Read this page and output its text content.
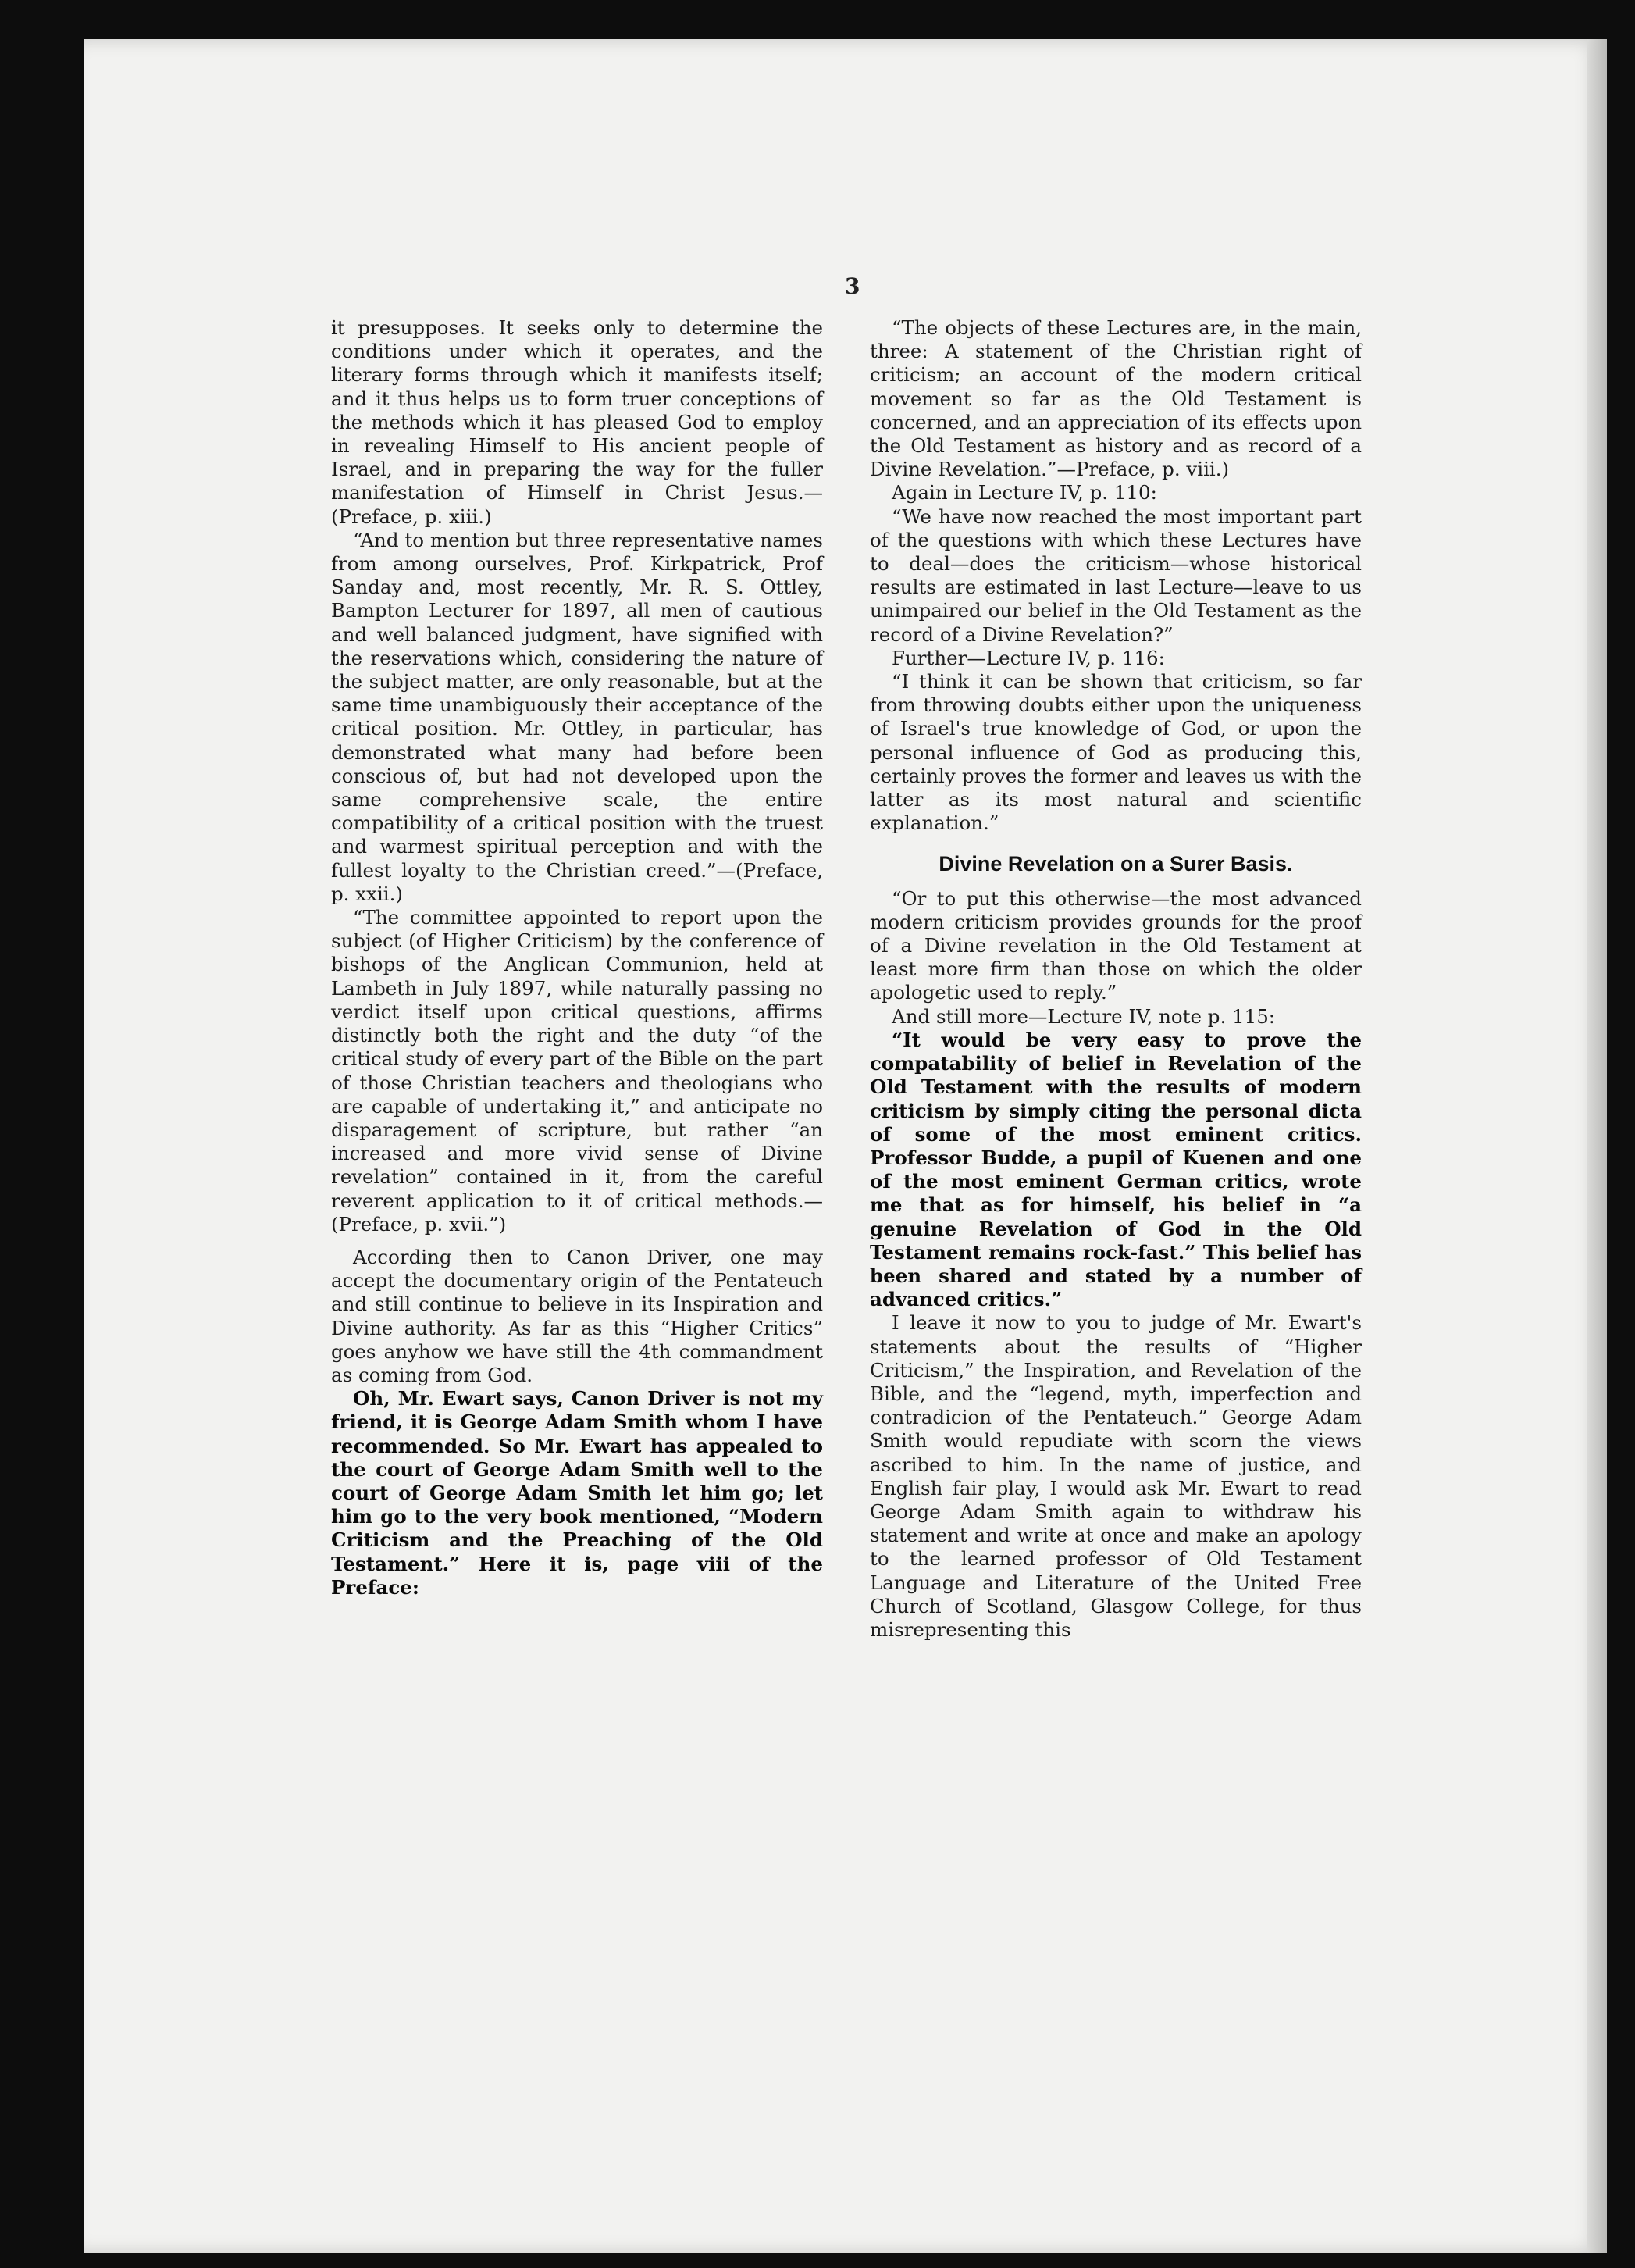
3

it presupposes. It seeks only to determine the conditions under which it operates, and the literary forms through which it manifests itself; and it thus helps us to form truer conceptions of the methods which it has pleased God to employ in revealing Himself to His ancient people of Israel, and in preparing the way for the fuller manifestation of Himself in Christ Jesus.—(Preface, p. xiii.)

“And to mention but three representative names from among ourselves, Prof. Kirkpatrick, Prof Sanday and, most recently, Mr. R. S. Ottley, Bampton Lecturer for 1897, all men of cautious and well balanced judgment, have signified with the reservations which, considering the nature of the subject matter, are only reasonable, but at the same time unambiguously their acceptance of the critical position. Mr. Ottley, in particular, has demonstrated what many had before been conscious of, but had not developed upon the same comprehensive scale, the entire compatibility of a critical position with the truest and warmest spiritual perception and with the fullest loyalty to the Christian creed.”—(Preface, p. xxii.)

“The committee appointed to report upon the subject (of Higher Criticism) by the conference of bishops of the Anglican Communion, held at Lambeth in July 1897, while naturally passing no verdict itself upon critical questions, affirms distinctly both the right and the duty “of the critical study of every part of the Bible on the part of those Christian teachers and theologians who are capable of undertaking it,” and anticipate no disparagement of scripture, but rather “an increased and more vivid sense of Divine revelation” contained in it, from the careful reverent application to it of critical methods.—(Preface, p. xvii.”)

According then to Canon Driver, one may accept the documentary origin of the Pentateuch and still continue to believe in its Inspiration and Divine authority. As far as this “Higher Critics” goes anyhow we have still the 4th commandment as coming from God.

Oh, Mr. Ewart says, Canon Driver is not my friend, it is George Adam Smith whom I have recommended. So Mr. Ewart has appealed to the court of George Adam Smith well to the court of George Adam Smith let him go; let him go to the very book mentioned, “Modern Criticism and the Preaching of the Old Testament.” Here it is, page viii of the Preface:

“The objects of these Lectures are, in the main, three: A statement of the Christian right of criticism; an account of the modern critical movement so far as the Old Testament is concerned, and an appreciation of its effects upon the Old Testament as history and as record of a Divine Revelation.”—Preface, p. viii.)

Again in Lecture IV, p. 110:

“We have now reached the most important part of the questions with which these Lectures have to deal—does the criticism—whose historical results are estimated in last Lecture—leave to us unimpaired our belief in the Old Testament as the record of a Divine Revelation?”

Further—Lecture IV, p. 116:

“I think it can be shown that criticism, so far from throwing doubts either upon the uniqueness of Israel's true knowledge of God, or upon the personal influence of God as producing this, certainly proves the former and leaves us with the latter as its most natural and scientific explanation.”

Divine Revelation on a Surer Basis.

“Or to put this otherwise—the most advanced modern criticism provides grounds for the proof of a Divine revelation in the Old Testament at least more firm than those on which the older apologetic used to reply.”

And still more—Lecture IV, note p. 115:

“It would be very easy to prove the compatability of belief in Revelation of the Old Testament with the results of modern criticism by simply citing the personal dicta of some of the most eminent critics. Professor Budde, a pupil of Kuenen and one of the most eminent German critics, wrote me that as for himself, his belief in “a genuine Revelation of God in the Old Testament remains rock-fast.” This belief has been shared and stated by a number of advanced critics.”

I leave it now to you to judge of Mr. Ewart's statements about the results of “Higher Criticism,” the Inspiration, and Revelation of the Bible, and the “legend, myth, imperfection and contradicion of the Pentateuch.” George Adam Smith would repudiate with scorn the views ascribed to him. In the name of justice, and English fair play, I would ask Mr. Ewart to read George Adam Smith again to withdraw his statement and write at once and make an apology to the learned professor of Old Testament Language and Literature of the United Free Church of Scotland, Glasgow College, for thus misrepresenting this
